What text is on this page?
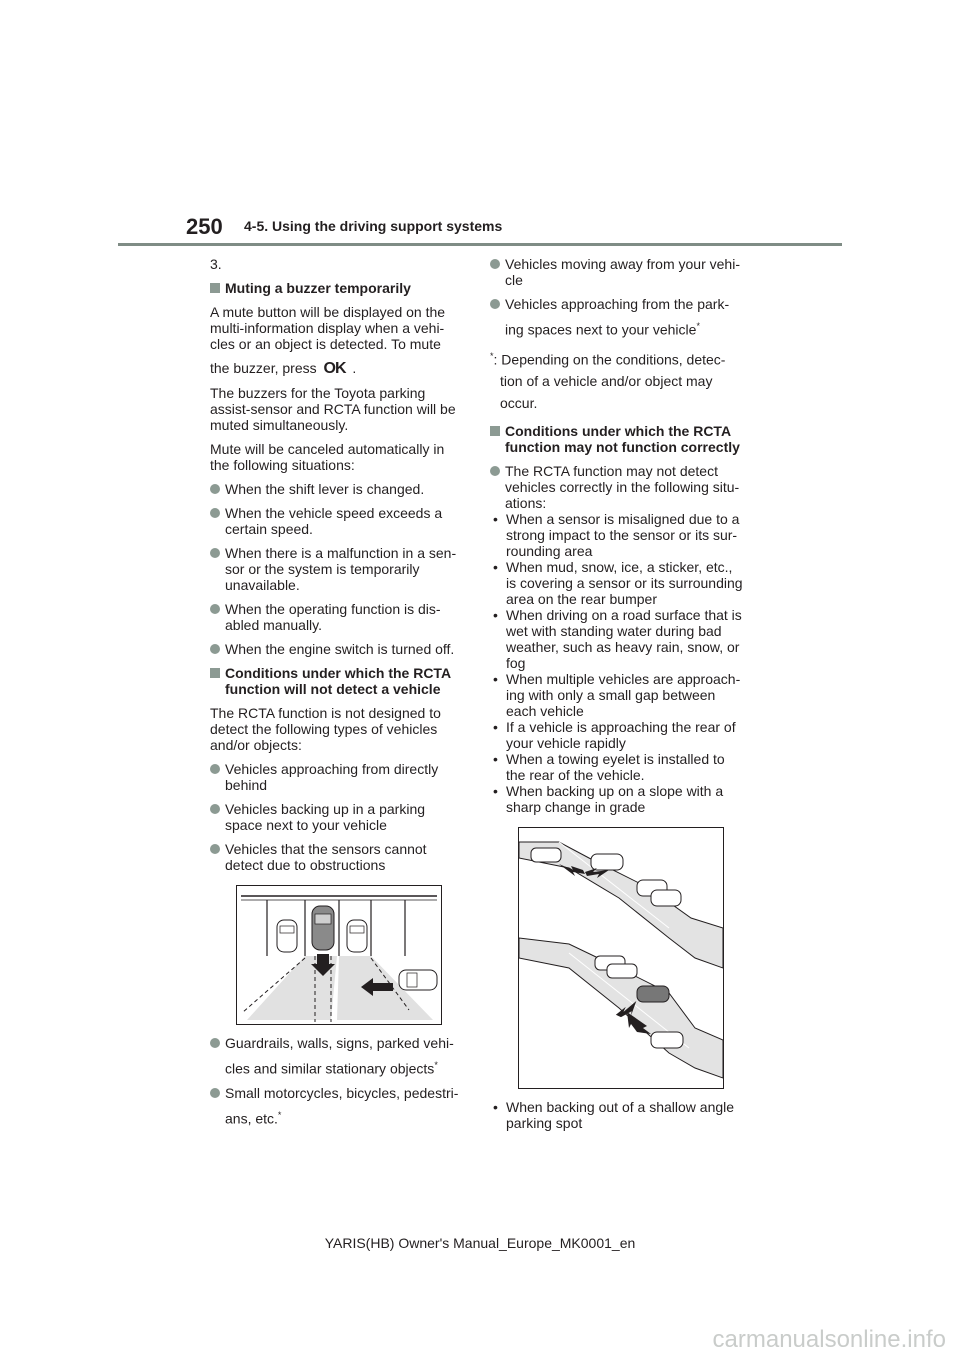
250 4-5. Using the driving support systems

3.

Muting a buzzer temporarily

A mute button will be displayed on the
multi-information display when a vehi-
cles or an object is detected. To mute
the buzzer, press OK .

The buzzers for the Toyota parking
assist-sensor and RCTA function will be
muted simultaneously.

Mute will be canceled automatically in
the following situations:

When the shift lever is changed.
When the vehicle speed exceeds a
certain speed.
When there is a malfunction in a sen-
sor or the system is temporarily
unavailable.
When the operating function is dis-
abled manually.
When the engine switch is turned off.
Conditions under which the RCTA
function will not detect a vehicle

The RCTA function is not designed to
detect the following types of vehicles
and/or objects:

Vehicles approaching from directly
behind
Vehicles backing up in a parking
space next to your vehicle
Vehicles that the sensors cannot
detect due to obstructions
Guardrails, walls, signs, parked vehi-
cles and similar stationary objects*
Small motorcycles, bicycles, pedestri-
ans, etc.*
Vehicles moving away from your vehi-
cle
Vehicles approaching from the park-
ing spaces next to your vehicle*

*: Depending on the conditions, detec-
tion of a vehicle and/or object may
occur.

Conditions under which the RCTA
function may not function correctly
The RCTA function may not detect
vehicles correctly in the following situ-
ations:
• When a sensor is misaligned due to a
strong impact to the sensor or its sur-
rounding area
• When mud, snow, ice, a sticker, etc.,
is covering a sensor or its surrounding
area on the rear bumper
• When driving on a road surface that is
wet with standing water during bad
weather, such as heavy rain, snow, or
fog
• When multiple vehicles are approach-
ing with only a small gap between
each vehicle
• If a vehicle is approaching the rear of
your vehicle rapidly
• When a towing eyelet is installed to
the rear of the vehicle.
• When backing up on a slope with a
sharp change in grade
• When backing out of a shallow angle
parking spot
YARIS(HB) Owner's Manual_Europe_MK0001_en
carmanualsonline.info
